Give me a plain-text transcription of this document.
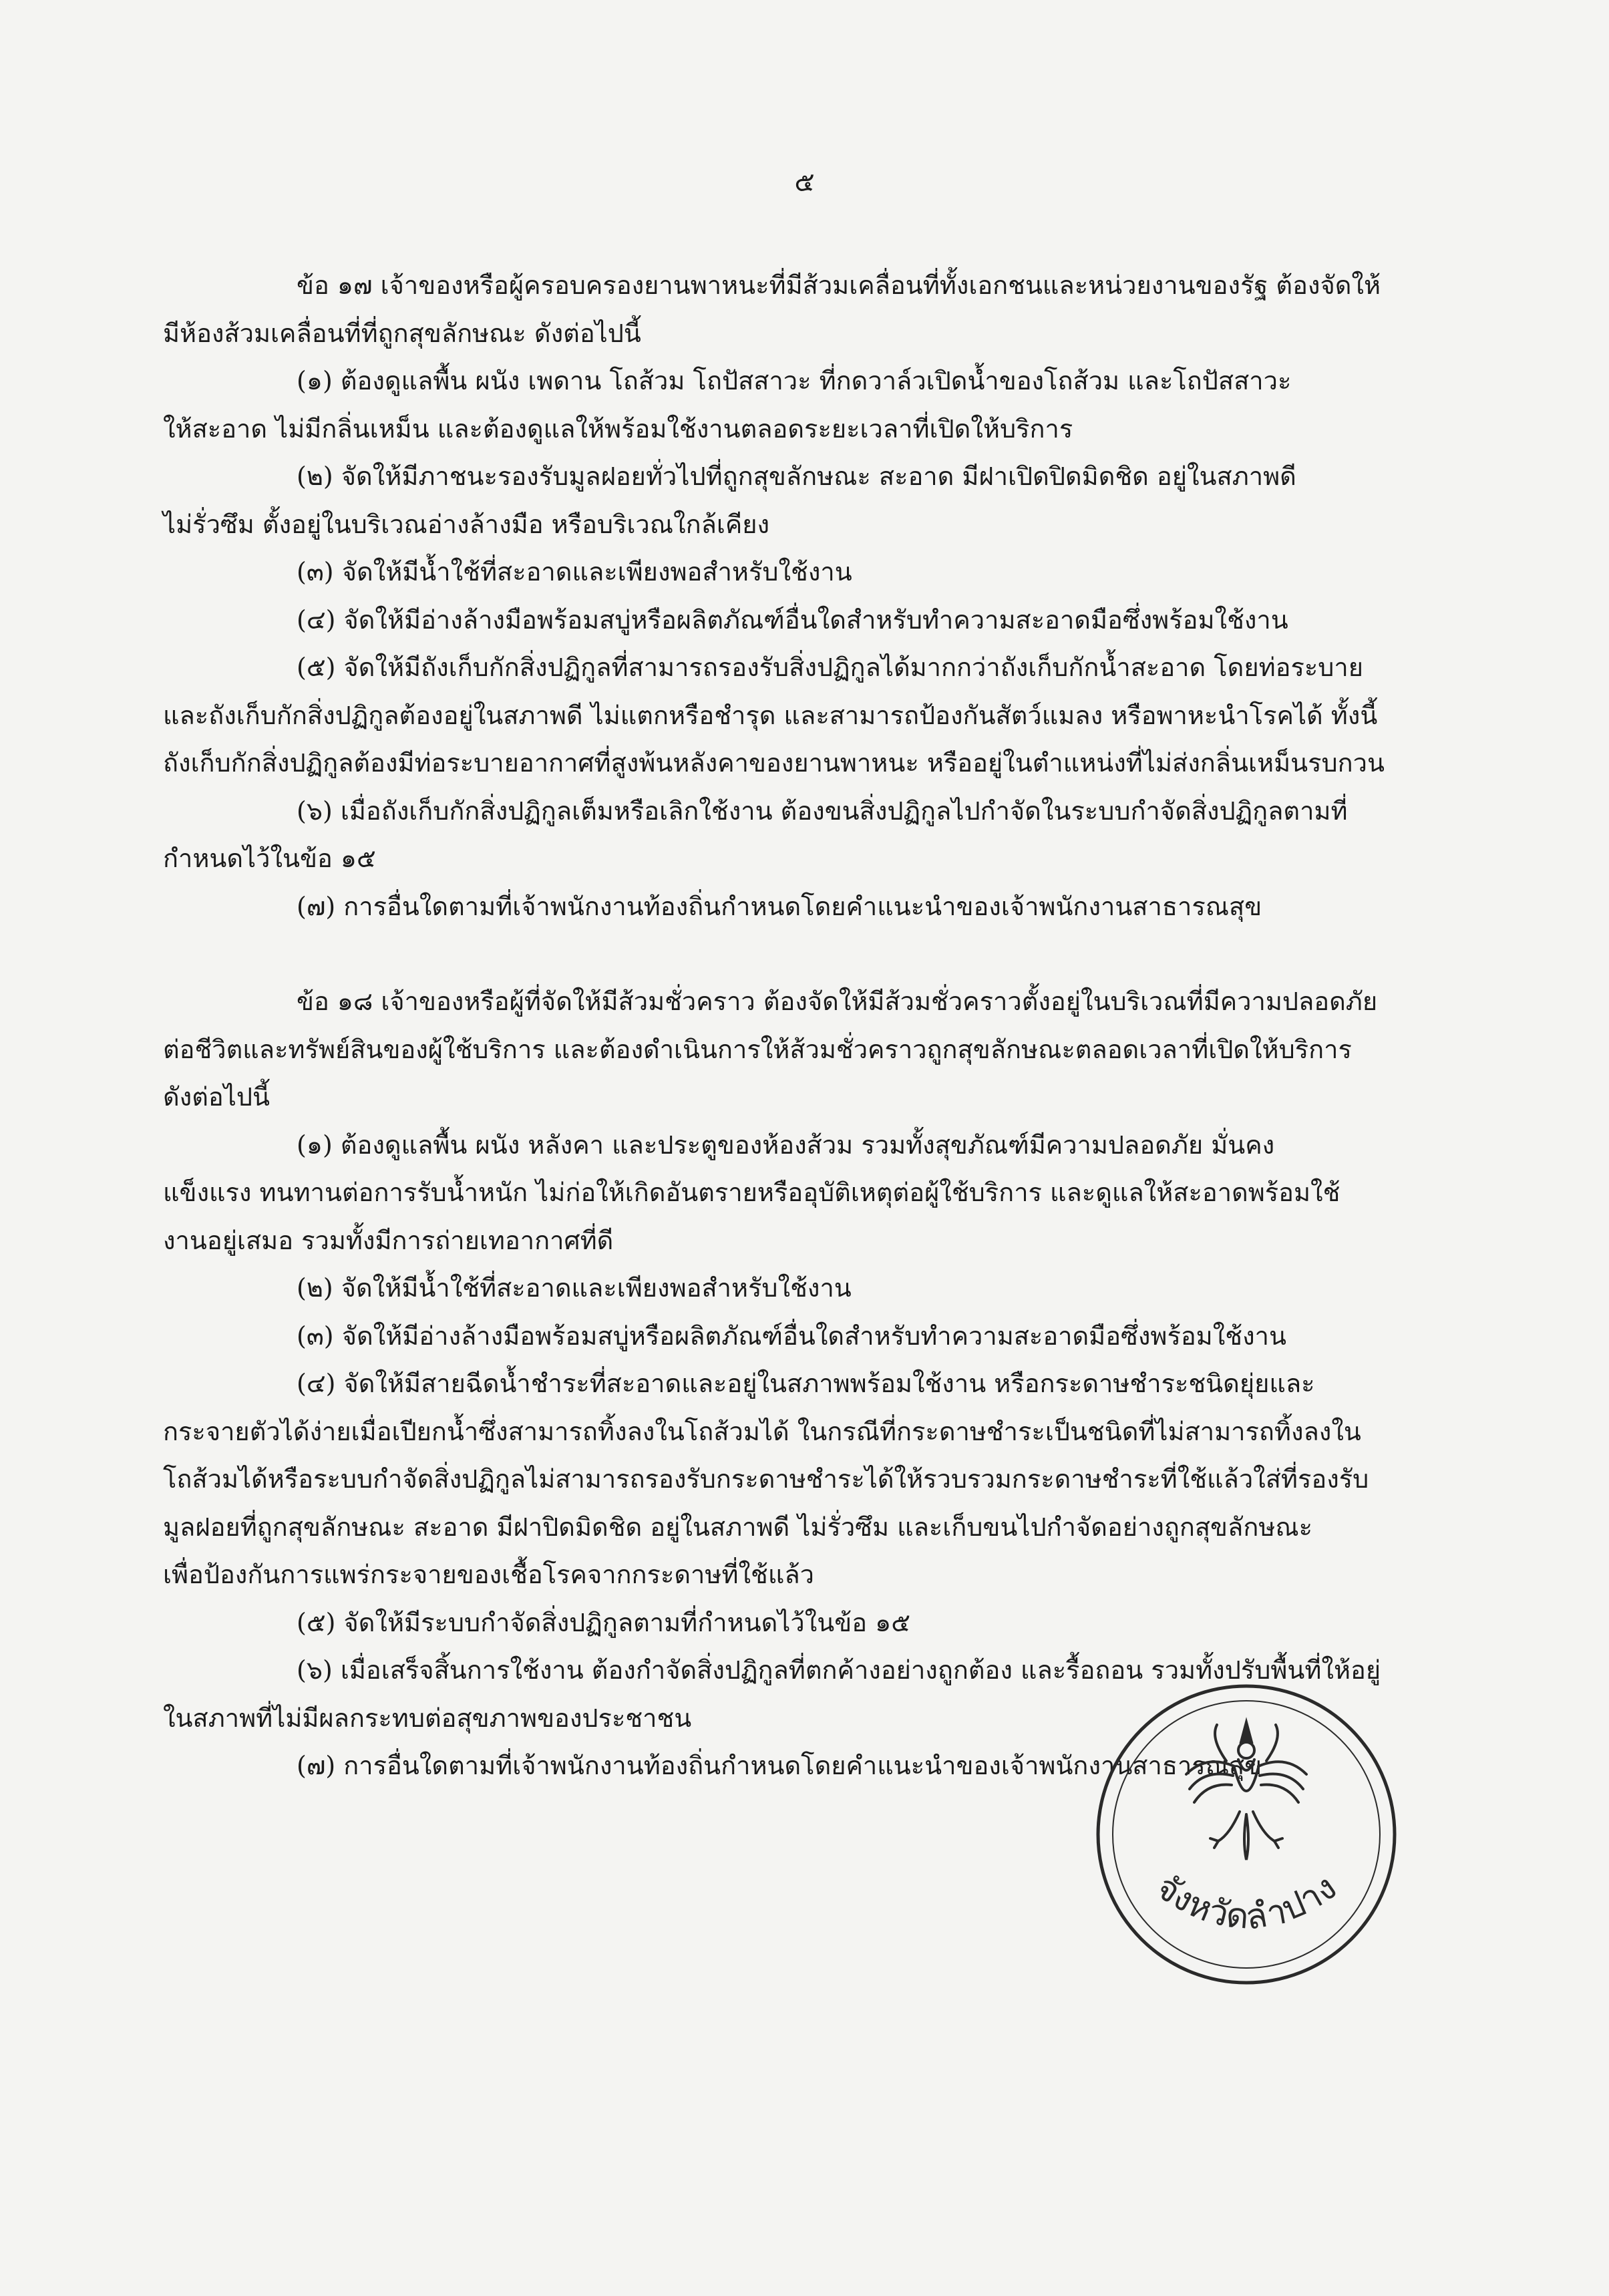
๕
ข้อ ๑๗ เจ้าของหรือผู้ครอบครองยานพาหนะที่มีส้วมเคลื่อนที่ทั้งเอกชนและหน่วยงานของรัฐ ต้องจัดให้
มีห้องส้วมเคลื่อนที่ที่ถูกสุขลักษณะ ดังต่อไปนี้
(๑) ต้องดูแลพื้น ผนัง เพดาน โถส้วม โถปัสสาวะ ที่กดวาล์วเปิดน้ำของโถส้วม และโถปัสสาวะ
ให้สะอาด ไม่มีกลิ่นเหม็น และต้องดูแลให้พร้อมใช้งานตลอดระยะเวลาที่เปิดให้บริการ
(๒) จัดให้มีภาชนะรองรับมูลฝอยทั่วไปที่ถูกสุขลักษณะ สะอาด มีฝาเปิดปิดมิดชิด อยู่ในสภาพดี
ไม่รั่วซึม ตั้งอยู่ในบริเวณอ่างล้างมือ หรือบริเวณใกล้เคียง
(๓) จัดให้มีน้ำใช้ที่สะอาดและเพียงพอสำหรับใช้งาน
(๔) จัดให้มีอ่างล้างมือพร้อมสบู่หรือผลิตภัณฑ์อื่นใดสำหรับทำความสะอาดมือซึ่งพร้อมใช้งาน
(๕) จัดให้มีถังเก็บกักสิ่งปฏิกูลที่สามารถรองรับสิ่งปฏิกูลได้มากกว่าถังเก็บกักน้ำสะอาด โดยท่อระบาย
และถังเก็บกักสิ่งปฏิกูลต้องอยู่ในสภาพดี ไม่แตกหรือชำรุด และสามารถป้องกันสัตว์แมลง หรือพาหะนำโรคได้ ทั้งนี้
ถังเก็บกักสิ่งปฏิกูลต้องมีท่อระบายอากาศที่สูงพ้นหลังคาของยานพาหนะ หรืออยู่ในตำแหน่งที่ไม่ส่งกลิ่นเหม็นรบกวน
(๖) เมื่อถังเก็บกักสิ่งปฏิกูลเต็มหรือเลิกใช้งาน ต้องขนสิ่งปฏิกูลไปกำจัดในระบบกำจัดสิ่งปฏิกูลตามที่
กำหนดไว้ในข้อ ๑๕
(๗) การอื่นใดตามที่เจ้าพนักงานท้องถิ่นกำหนดโดยคำแนะนำของเจ้าพนักงานสาธารณสุข
ข้อ ๑๘ เจ้าของหรือผู้ที่จัดให้มีส้วมชั่วคราว ต้องจัดให้มีส้วมชั่วคราวตั้งอยู่ในบริเวณที่มีความปลอดภัย
ต่อชีวิตและทรัพย์สินของผู้ใช้บริการ และต้องดำเนินการให้ส้วมชั่วคราวถูกสุขลักษณะตลอดเวลาที่เปิดให้บริการ
ดังต่อไปนี้
(๑) ต้องดูแลพื้น ผนัง หลังคา และประตูของห้องส้วม รวมทั้งสุขภัณฑ์มีความปลอดภัย มั่นคง
แข็งแรง ทนทานต่อการรับน้ำหนัก ไม่ก่อให้เกิดอันตรายหรืออุบัติเหตุต่อผู้ใช้บริการ และดูแลให้สะอาดพร้อมใช้
งานอยู่เสมอ รวมทั้งมีการถ่ายเทอากาศที่ดี
(๒) จัดให้มีน้ำใช้ที่สะอาดและเพียงพอสำหรับใช้งาน
(๓) จัดให้มีอ่างล้างมือพร้อมสบู่หรือผลิตภัณฑ์อื่นใดสำหรับทำความสะอาดมือซึ่งพร้อมใช้งาน
(๔) จัดให้มีสายฉีดน้ำชำระที่สะอาดและอยู่ในสภาพพร้อมใช้งาน หรือกระดาษชำระชนิดยุ่ยและ
กระจายตัวได้ง่ายเมื่อเปียกน้ำซึ่งสามารถทิ้งลงในโถส้วมได้ ในกรณีที่กระดาษชำระเป็นชนิดที่ไม่สามารถทิ้งลงใน
โถส้วมได้หรือระบบกำจัดสิ่งปฏิกูลไม่สามารถรองรับกระดาษชำระได้ให้รวบรวมกระดาษชำระที่ใช้แล้วใส่ที่รองรับ
มูลฝอยที่ถูกสุขลักษณะ สะอาด มีฝาปิดมิดชิด อยู่ในสภาพดี ไม่รั่วซึม และเก็บขนไปกำจัดอย่างถูกสุขลักษณะ
เพื่อป้องกันการแพร่กระจายของเชื้อโรคจากกระดาษที่ใช้แล้ว
(๕) จัดให้มีระบบกำจัดสิ่งปฏิกูลตามที่กำหนดไว้ในข้อ ๑๕
(๖) เมื่อเสร็จสิ้นการใช้งาน ต้องกำจัดสิ่งปฏิกูลที่ตกค้างอย่างถูกต้อง และรื้อถอน รวมทั้งปรับพื้นที่ให้อยู่
ในสภาพที่ไม่มีผลกระทบต่อสุขภาพของประชาชน
(๗) การอื่นใดตามที่เจ้าพนักงานท้องถิ่นกำหนดโดยคำแนะนำของเจ้าพนักงานสาธารณสุข
จังหวัดลำปาง
